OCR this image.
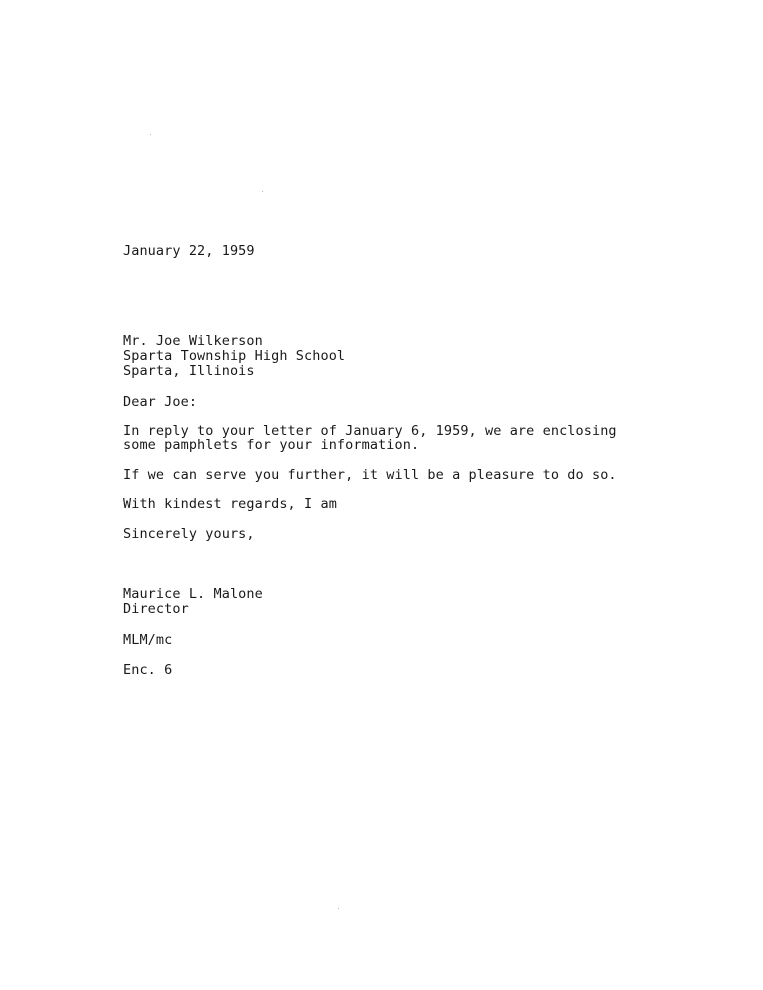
January 22, 1959
Mr. Joe Wilkerson
Sparta Township High School
Sparta, Illinois
Dear Joe:
In reply to your letter of January 6, 1959, we are enclosing
some pamphlets for your information.
If we can serve you further, it will be a pleasure to do so.
With kindest regards, I am
Sincerely yours,
Maurice L. Malone
Director
MLM/mc
Enc. 6
